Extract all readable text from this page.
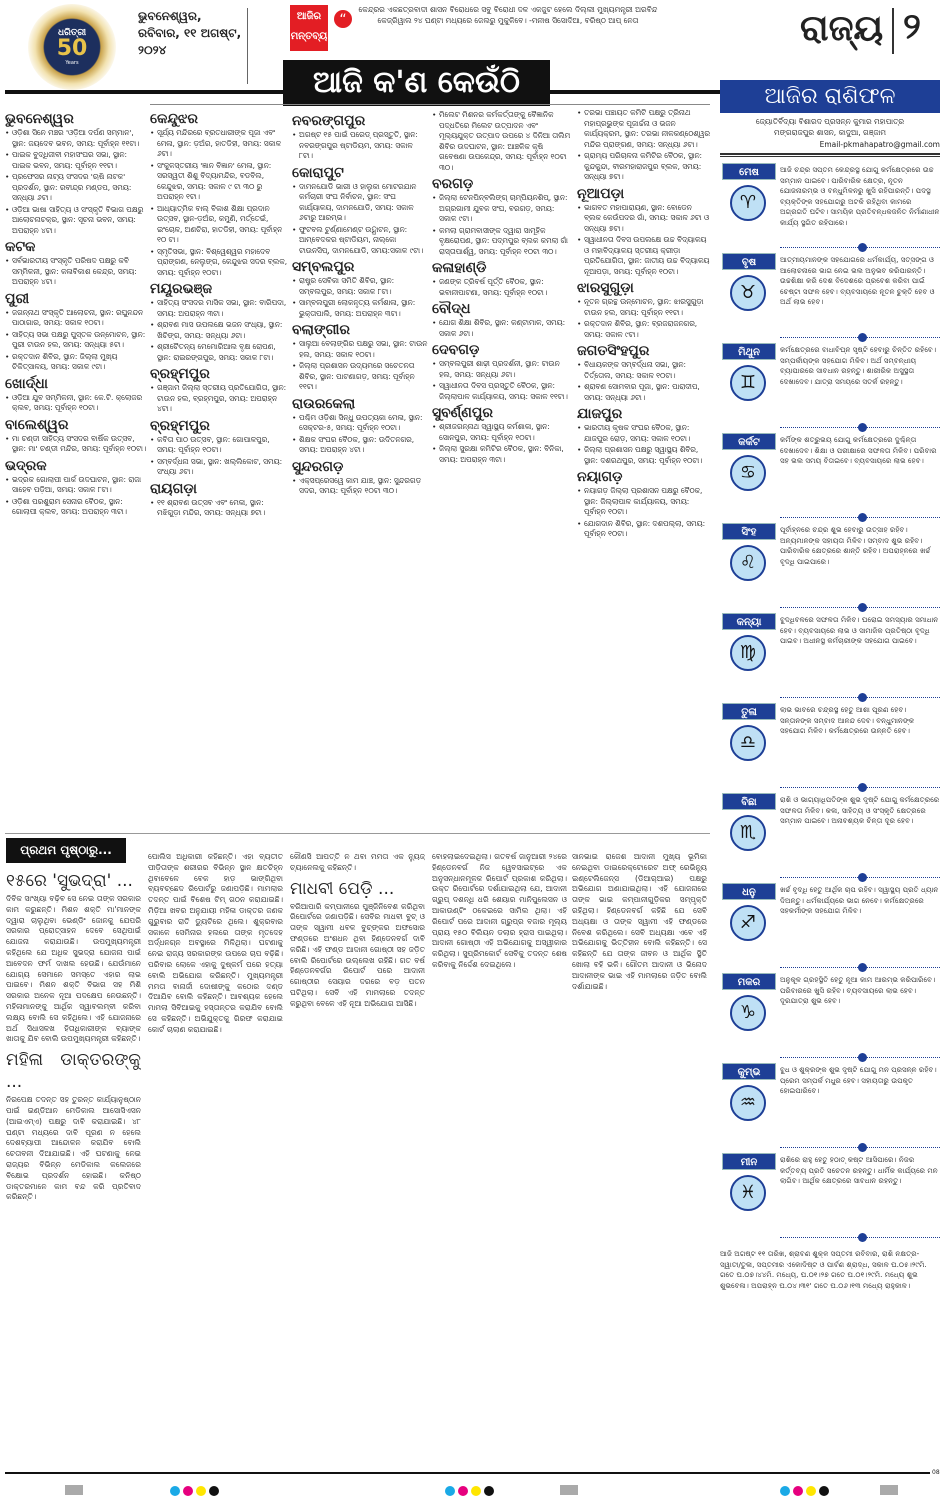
ଧରିତ୍ରୀ
50
Years
ଭୁବନେଶ୍ୱର, ରବିବାର, ୧୧ ଅଗଷ୍ଟ, ୨୦୨୪
ଆଜିର ମନ୍ତବ୍ୟ
“
କେନ୍ଦ୍ରର ଏକଛତ୍ରବାଦୀ ଶାସନ ବିରୋଧରେ ସବୁ ବିରୋଧୀ ଦଳ ଏକଜୁଟ ହେଲେ ଦିଲ୍ଲୀ ମୁଖ୍ୟମନ୍ତ୍ରୀ ଅରବିନ୍ଦ କେଜ୍ରିୱାଲ ୨୪ ଘଣ୍ଟା ମଧ୍ୟରେ ଜେଲରୁ ମୁକୁଳିବେ। -ମନୀଷ ସିସୋଦିଆ, ବରିଷ୍ଠ ଆପ୍ ନେତା	ରାଜ୍ୟ ୨
ଆଜି କ'ଣ କେଉଁଠି
ଭୁବନେଶ୍ୱର
• ଓଡ଼ିଶା ସିନେ ମଞ୍ଚର 'ଓଡ଼ିଆ ଦର୍ପଣ ସମ୍ମାନ', ସ୍ଥାନ: ଜୟଦେବ ଭବନ, ସମୟ: ପୂର୍ବାହ୍ନ ୧୧ଟା।
• ପାଇକ ବୁଦ୍ଧିଜୀବୀ ମହାସଂଘର ସଭା, ସ୍ଥାନ: ପାଇକ ଭବନ, ସମୟ: ପୂର୍ବାହ୍ନ ୧୧ଟା।
• ପ୍ରଫେସର ନାଟ୍ୟ ସଂସଦର 'ଋଷି ନାଟକ' ପ୍ରଦର୍ଶନ, ସ୍ଥାନ: ରବୀନ୍ଦ୍ର ମଣ୍ଡପ, ସମୟ: ସନ୍ଧ୍ୟା ୬ଟା।
• ଓଡ଼ିଆ ଭାଷା ସାହିତ୍ୟ ଓ ସଂସ୍କୃତି ବିଭାଗ ପକ୍ଷରୁ ଆଲୋଚନାଚକ୍ର, ସ୍ଥାନ: ସୂଚନା ଭବନ, ସମୟ: ଅପରାହ୍ନ ୪ଟା।
କଟକ
• ସର୍ବଭାରତୀୟ ସଂସ୍କୃତି ପରିଷଦ ପକ୍ଷରୁ କବି ସମ୍ମିଳନୀ, ସ୍ଥାନ: କଳାବିକାଶ କେନ୍ଦ୍ର, ସମୟ: ଅପରାହ୍ନ ୪ଟା।
ପୁରୀ
• ଜଗନ୍ନାଥ ସଂସ୍କୃତି ଆଲୋଚନା, ସ୍ଥାନ: ରଘୁନନ୍ଦନ ପାଠାଗାର, ସମୟ: ସକାଳ ୧୦ଟା।
• ସାହିତ୍ୟ ସଭା ପକ୍ଷରୁ ପୁସ୍ତକ ଉନ୍ମୋଚନ, ସ୍ଥାନ: ପୁରୀ ଟାଉନ ହଲ, ସମୟ: ସନ୍ଧ୍ୟା ୫ଟା।
• ରକ୍ତଦାନ ଶିବିର, ସ୍ଥାନ: ଜିଲ୍ଲା ମୁଖ୍ୟ ଚିକିତ୍ସାଳୟ, ସମୟ: ସକାଳ ୯ଟା।
ଖୋର୍ଦ୍ଧା
• ଓଡ଼ିଆ ଯୁବ ସମ୍ମିଳନୀ, ସ୍ଥାନ: କେ.ଟି. କ୍ଲୋଜର କ୍ଲବ, ସମୟ: ପୂର୍ବାହ୍ନ ୧୦ଟା।
ବାଲେଶ୍ୱର
• ମା ଚଣ୍ଡୀ ସାହିତ୍ୟ ସଂସଦର ବାର୍ଷିକ ଉତ୍ସବ, ସ୍ଥାନ: ମା' ଚଣ୍ଡୀ ମନ୍ଦିର, ସମୟ: ପୂର୍ବାହ୍ନ ୧୦ଟା।
ଭଦ୍ରକ
• ଭଦ୍ରକ ଗୋଲାପୀ ପାର୍କ ଉଦଘାଟନ, ସ୍ଥାନ: ରାଜା ସାହେବ ପଡ଼ିଆ, ସମୟ: ସକାଳ ୮ଟା।
• ଓଡ଼ିଶା ପରଶୁରାମ ସେନାର ବୈଠକ, ସ୍ଥାନ: ଗୋଲାପୀ କ୍ଲବ, ସମୟ: ଅପରାହ୍ନ ୩ଟା।
କେନ୍ଦୁଝର
• ସୂର୍ଯ୍ୟ ମନ୍ଦିରରେ ବ୍ରତଧାରୀଙ୍କ ପୂଜା ଏବଂ ମେଳା, ସ୍ଥାନ: ଡ଼ଅଁର, ହାତଡିହୀ, ସମୟ: ସକାଳ ୬ଟା।
• ସଂକୁଳସ୍ତରୀୟ 'ଜ୍ଞାନ ବିଜ୍ଞାନ' ମେଳା, ସ୍ଥାନ: ସରସ୍ୱତୀ ଶିଶୁ ବିଦ୍ୟାମନ୍ଦିର, ବଡବିଲ, କେନ୍ଦୁଝର, ସମୟ: ସକାଳ ୯ ଟା ୩୦ ରୁ ଅପରାହ୍ନ ୧ଟା।
• ଆଧ୍ୟାତ୍ମିକ ବାଲ୍ ବିକାଶ ଶିକ୍ଷା ପ୍ରଦାନ ଉତ୍ସବ, ସ୍ଥାନ-ଡ଼ଅଁର, କମୁଣି, ମର୍ତ୍ତେଇଁ, ଇଂଚୋଳ, ଅଣଚିରା, ହାତଡିହୀ, ସମୟ: ପୂର୍ବାହ୍ନ ୧୦ ଟା।
• ସ୍ମୃତିସଭା, ସ୍ଥାନ: ବିଶ୍ୱେଶ୍ୱର ମହାଦେବ ପ୍ରାଙ୍ଗଣ, ନେଲୁଙ୍ଗ, କେନ୍ଦୁଝର ସଦର ବ୍ଲକ, ସମୟ: ପୂର୍ବାହ୍ନ ୧୦ଟା।
ମୟୂରଭଞ୍ଜ
• ସାହିତ୍ୟ ସଂସଦର ମାସିକ ସଭା, ସ୍ଥାନ: ବାରିପଦା, ସମୟ: ଅପରାହ୍ନ ୩ଟା।
• ଶ୍ରାବଣ ମାସ ଉପଲକ୍ଷେ ଭଜନ ସଂଧ୍ୟା, ସ୍ଥାନ: ଖିଚିଙ୍ଗ, ସମୟ: ସନ୍ଧ୍ୟା ୬ଟା।
• ଶ୍ରୀଚୈତନ୍ୟ ମେମୋରିଆଲ ବୃକ୍ଷ ରୋପଣ, ସ୍ଥାନ: ରାଇରଙ୍ଗପୁର, ସମୟ: ସକାଳ ୮ଟା।
ବ୍ରହ୍ମପୁର
• ଗଞ୍ଜାମ ଜିଲ୍ଲା ସ୍ତରୀୟ ପ୍ରତିଯୋଗିତା, ସ୍ଥାନ: ଟାଉନ ହଲ, ବ୍ରହ୍ମପୁର, ସମୟ: ଅପରାହ୍ନ ୪ଟା।
ବ୍ରହ୍ମପୁର
• କବିତା ପାଠ ଉତ୍ସବ, ସ୍ଥାନ: ଗୋପାଳପୁର, ସମୟ: ପୂର୍ବାହ୍ନ ୧୦ଟା।
• ସମ୍ବର୍ଦ୍ଧନା ସଭା, ସ୍ଥାନ: ଖଲ୍ଲିକୋଟ, ସମୟ: ସଂଧ୍ୟା ୬ଟା।
ରାୟଗଡ଼ା
• ୧୧ ଶ୍ରାବଣ ଉତ୍ସବ ଏବଂ ମେଳା, ସ୍ଥାନ: ମଝିଗୁଡ଼ା ମନ୍ଦିର, ସମୟ: ସନ୍ଧ୍ୟା ୭ଟା।
ନବରଙ୍ଗପୁର
• ଅଗଷ୍ଟ ୧୫ ପାଇଁ ପରେଡ୍ ପ୍ରସ୍ତୁତି, ସ୍ଥାନ: ନବରଙ୍ଗପୁର ଷ୍ଟାଡିୟମ, ସମୟ: ସକାଳ ୮ଟା।
କୋରାପୁଟ
• ଦାମନଯୋଡି ଭାରୀ ଓ ହାଲୁକା ମୋଟରଯାନ କର୍ମଚାରୀ ସଂଘ ନିର୍ବାଚନ, ସ୍ଥାନ: ସଂଘ କାର୍ଯ୍ୟାଳୟ, ଦାମନଯୋଡି, ସମୟ: ସକାଳ ୬ଟାରୁ ଆରମ୍ଭ।
• ଫୁଟବଲ ଟୁର୍ଣ୍ଣାମେଣ୍ଟ ଉଦ୍ଘାଟନ, ସ୍ଥାନ: ଆମ୍ବେଦକର ଷ୍ଟାଡିୟମ, ନାଲ୍କୋ ଟାଉନସିପ୍, ଦାମନଯୋଡି, ସମୟ:ସକାଳ ୯ଟା।
ସମ୍ବଲପୁର
• ରାଷ୍ଟ୍ର ସେବିକା ସମିତି ଶିବିର, ସ୍ଥାନ: ସମ୍ବଲପୁର, ସମୟ: ସକାଳ ୮ଟା।
• ସାମ୍ବଲପୁରୀ ଲୋକନୃତ୍ୟ କର୍ମଶାଳା, ସ୍ଥାନ: ଭୁକ୍ତାପାଲି, ସମୟ: ଅପରାହ୍ନ ୩ଟା।
ବଲାଙ୍ଗୀର
• ସାଲୁଆ ବେଲାଙ୍ଗିର ପକ୍ଷରୁ ସଭା, ସ୍ଥାନ: ଟାଉନ ହଲ, ସମୟ: ସକାଳ ୧୦ଟା।
• ଜିଲ୍ଲା ପ୍ରଶାସନ ଉଦ୍ୟମରେ ସଚେତନତା ଶିବିର, ସ୍ଥାନ: ପାଟଣାଗଡ଼, ସମୟ: ପୂର୍ବାହ୍ନ ୧୧ଟା।
ରାଉରକେଲା
• ପଶ୍ଚିମ ଓଡ଼ିଶା ସିନ୍ଧୁ ଉପତ୍ୟକା ମେଳା, ସ୍ଥାନ: ସେକ୍ଟର-୫, ସମୟ: ପୂର୍ବାହ୍ନ ୧୦ଟା।
• ଶିକ୍ଷକ ସଂଘର ବୈଠକ, ସ୍ଥାନ: ଉଦିତନଗର, ସମୟ: ଅପରାହ୍ନ ୪ଟା।
ସୁନ୍ଦରଗଡ଼
• ଏକ୍ସପ୍ରେସୱେ କାମ ଯାଞ୍ଚ, ସ୍ଥାନ: ସୁନ୍ଦରଗଡ଼ ସଦର, ସମୟ: ପୂର୍ବାହ୍ନ ୧୦ଟା ୩୦।
• ମିଲେଟ ମିଶନର କର୍ମକର୍ତ୍ତାଙ୍କୁ ବୈଜ୍ଞାନିକ ପଦ୍ଧତିରେ ମିଲେଟ ଉତ୍ପାଦନ ଏବଂ ମୂଲ୍ୟଯୁକ୍ତ ଉତ୍ପାଦ ଉପରେ ୪ ଦିନିଆ ତାଲିମ ଶିବିର ଉଦଘାଟନ, ସ୍ଥାନ: ଆଞ୍ଚଳିକ କୃଷି ଗବେଷଣା ଉପକେନ୍ଦ୍ର, ସମୟ: ପୂର୍ବାହ୍ନ ୧୦ଟା ୩୦।
ବରଗଡ଼
• ଜିଲ୍ଲା ଟେନପିନ୍‌ବଲିଙ୍ଗ୍ ଚାମ୍ପିୟନଶିପ୍, ସ୍ଥାନ: ଅଗ୍ରଗାମୀ ଯୁବକ ସଂଘ, ବରଗଡ଼, ସମୟ: ସକାଳ ୯ଟା।
• କମଲା ଗ୍ରାମବାସୀଙ୍କ ଦ୍ୱାରା ସାମୂହିକ ବୃକ୍ଷରୋପଣ, ସ୍ଥାନ: ପଦ୍ମପୁର ବ୍ଲକ କମଲା ଗାଁ ରାସ୍ତାପାର୍ଶ୍ୱ, ସମୟ: ପୂର୍ବାହ୍ନ ୧୦ଟା ୩୦।
କଳାହାଣ୍ଡି
• ଜଣଙ୍କ ତ୍ରିବର୍ଷ ପୂର୍ତ୍ତି ବୈଠକ, ସ୍ଥାନ: ଭବାନୀପାଟଣା, ସମୟ: ପୂର୍ବାହ୍ନ ୧୦ଟା।
ବୌଦ୍ଧ
• ଯୋଗ ଶିକ୍ଷା ଶିବିର, ସ୍ଥାନ: କଣ୍ଟାମାଳ, ସମୟ: ସକାଳ ୬ଟା।
ଦେବଗଡ଼
• ସମ୍ବଲପୁରୀ ଶାଢ଼ୀ ପ୍ରଦର୍ଶନୀ, ସ୍ଥାନ: ଟାଉନ ହଲ, ସମୟ: ସନ୍ଧ୍ୟା ୬ଟା।
• ସ୍ୱାଧୀନତା ଦିବସ ପ୍ରସ୍ତୁତି ବୈଠକ, ସ୍ଥାନ: ଜିଲ୍ଲାପାଳ କାର୍ଯ୍ୟାଳୟ, ସମୟ: ସକାଳ ୧୧ଟା।
ସୁବର୍ଣ୍ଣପୁର
• ଶ୍ରୀଜଗନ୍ନାଥ ସ୍ୱାସ୍ଥ୍ୟ କର୍ମଶାଳା, ସ୍ଥାନ: ସୋନପୁର, ସମୟ: ପୂର୍ବାହ୍ନ ୧୦ଟା।
• ଜିଲ୍ଲା ସୁରକ୍ଷା କମିଟିର ବୈଠକ, ସ୍ଥାନ: ବିନିକା, ସମୟ: ଅପରାହ୍ନ ୩ଟା।
• ତରଭା ପଞ୍ଚାୟତ କମିଟି ପକ୍ଷରୁ ତ୍ରିନାଥ ମହାପ୍ରଭୁଙ୍କ ପୂଜାର୍ଚ୍ଚନା ଓ ଭଜନ କାର୍ଯ୍ୟକ୍ରମ, ସ୍ଥାନ: ତରଭା ନୀଳକଣ୍ଠେଶ୍ୱର ମନ୍ଦିର ପ୍ରାଙ୍ଗଣ, ସମୟ: ସନ୍ଧ୍ୟା ୬ଟା।
• ଗ୍ରାମ୍ୟ ପରିଚାଳନା କମିଟିର ବୈଠକ, ସ୍ଥାନ: କୁନ୍ଦକୁନ୍ଦା, ବୀରମହାରାଜପୁର ବ୍ଲକ, ସମୟ: ସନ୍ଧ୍ୟା ୭ଟା।
ନୂଆପଡ଼ା
• ଭାଗବତ ମହାପାରାୟଣ, ସ୍ଥାନ: ବୋଡେନ ବ୍ଲକ କେଉଁପଦର ଗାଁ, ସମୟ: ସକାଳ ୬ଟା ଓ ସନ୍ଧ୍ୟା ୭ଟା।
• ସ୍ୱାଧୀନତା ଦିବସ ଉପଲକ୍ଷେ ଉଚ୍ଚ ବିଦ୍ୟାଳୟ ଓ ମହାବିଦ୍ୟାଳୟ ସ୍ତରୀୟ କ୍ରୀଡ଼ା ପ୍ରତିଯୋଗିତା, ସ୍ଥାନ: ଜାତୀୟ ଉଚ୍ଚ ବିଦ୍ୟାଳୟ ନୂଆପଡ଼ା, ସମୟ: ପୂର୍ବାହ୍ନ ୧୦ଟା।
ଝାରସୁଗୁଡ଼ା
• ନୂତନ ଗ୍ରନ୍ଥ ଉନ୍ମୋଚନ, ସ୍ଥାନ: ଝାରସୁଗୁଡ଼ା ଟାଉନ ହଲ, ସମୟ: ପୂର୍ବାହ୍ନ ୧୧ଟା।
• ରକ୍ତଦାନ ଶିବିର, ସ୍ଥାନ: ବ୍ରଜରାଜନଗର, ସମୟ: ସକାଳ ୯ଟା।
ଜଗତସିଂହପୁର
• ବିଧାୟକଙ୍କ ସମ୍ବର୍ଦ୍ଧନା ସଭା, ସ୍ଥାନ: ତିର୍ତ୍ତୋଲ, ସମୟ: ସକାଳ ୧୦ଟା।
• ଶ୍ରାବଣ ସୋମବାର ପୂଜା, ସ୍ଥାନ: ପାରାଦୀପ, ସମୟ: ସନ୍ଧ୍ୟା ୬ଟା।
ଯାଜପୁର
• ଭାରତୀୟ କୃଷକ ସଂଘର ବୈଠକ, ସ୍ଥାନ: ଯାଜପୁର ରୋଡ଼, ସମୟ: ସକାଳ ୧୦ଟା।
• ଜିଲ୍ଲା ପ୍ରଶାସନ ପକ୍ଷରୁ ସ୍ୱାସ୍ଥ୍ୟ ଶିବିର, ସ୍ଥାନ: ଦଶରଥପୁର, ସମୟ: ପୂର୍ବାହ୍ନ ୧୦ଟା।
ନୟାଗଡ଼
• ନୟାଗଡ଼ ଜିଲ୍ଲା ପ୍ରଶାସନ ପକ୍ଷରୁ ବୈଠକ, ସ୍ଥାନ: ଜିଲ୍ଲାପାଳ କାର୍ଯ୍ୟାଳୟ, ସମୟ: ପୂର୍ବାହ୍ନ ୧୦ଟା।
• ଯୋଗଦାନ ଶିବିର, ସ୍ଥାନ: ଦଶପଲ୍ଲା, ସମୟ: ପୂର୍ବାହ୍ନ ୧୦ଟା।
ଆଜିର ରାଶିଫଳ
ଜ୍ୟୋତିର୍ବିଦ୍ୟା ବିଶାରଦ ପ୍ରସନ୍ନ କୁମାର ମହାପାତ୍ର
ମଙ୍ଗରାଜପୁର ଶାସନ, କାଦୁଆ, ଗଞ୍ଜାମ
Email-pkmahapatro@gmail.com
ମେଷ
♈
ଆଜି ଚନ୍ଦ୍ର ସପ୍ତମ କେନ୍ଦ୍ରସ୍ଥ ଯୋଗୁ କର୍ମକ୍ଷେତ୍ରରେ ଉଚ୍ଚ ସମ୍ମାନ ପାଇବେ। ପାରିବାରିକ କ୍ଷେତ୍ର, ନୂତନ ଯୋଜନାରମ୍ଭ ଓ ବନ୍ଧୁମିଳନରୁ ଖୁସି ରହିପାରନ୍ତି। ପଦସ୍ଥ ବ୍ୟକ୍ତିଙ୍କ ସହଯୋଗରୁ ଅଟକି ରହିଥିବା କାମରେ ଅଗ୍ରଗତି ଘଟିବ। ସାମୟିକ ପ୍ରତିବନ୍ଧକଜନିତ ନିର୍ମାଣାଧୀନ କାର୍ଯ୍ୟ ସ୍ଥଗିତ ରହିପାରେ।
ବୃଷ
♉
ଆତ୍ମୀୟମାନଙ୍କ ସହଯୋଗରେ ଧର୍ମକାର୍ଯ୍ୟ, ସତ୍ସଙ୍ଗ ଓ ଆଲୋଚନାରେ ଭାଗ ନେଇ ଭଲ ଅନୁଭବ କରିପାରନ୍ତି। ଉଚ୍ଚଶିକ୍ଷା କରି ଦେଶ ବିଦେଶରେ ପ୍ରବେଶ କରିବା ପାଇଁ ଚେଷ୍ଟା ସଫଳ ହେବ। ବ୍ୟବସାୟରେ ନୂତନ ଚୁକ୍ତି ହେବ ଓ ଅର୍ଥ ଲାଭ ହେବ।
ମିଥୁନ
♊
କର୍ମକ୍ଷେତ୍ରରେ ବାଧାବିଘ୍ନ ସୃଷ୍ଟି ହେବାରୁ ଚିନ୍ତିତ ରହିବେ। ସମ୍ପର୍କୀୟଙ୍କ ସହଯୋଗ ମିଳିବ। ଅର୍ଥ ସମ୍ବନ୍ଧୀୟ ବ୍ୟାପାରରେ ସାବଧାନ ରହନ୍ତୁ। ଶାରୀରିକ ଅସୁସ୍ଥତା ଦେଖାଦେବ। ଯାତ୍ରା ସମୟରେ ସତର୍କ ରହନ୍ତୁ।
କର୍କଟ
♋
କର୍ମିଙ୍କ ଶତ୍ରୁଭୟ ଯୋଗୁ କର୍ମକ୍ଷେତ୍ରରେ ଦୁଶ୍ଚିନ୍ତା ଦେଖାଦେବ। ଶିକ୍ଷା ଓ ପରୀକ୍ଷାରେ ସଫଳତା ମିଳିବ। ପରିବାର ସହ ଭଲ ସମୟ ବିତାଇବେ। ବ୍ୟବସାୟରେ ଲାଭ ହେବ।
ସିଂହ
♌
ପୂର୍ବାହ୍ନରେ ଚନ୍ଦ୍ର ଶୁଭ ହେବାରୁ ଉତ୍ସାହ ରହିବ। ଅନ୍ୟମାନଙ୍କ ସହାୟତା ମିଳିବ। ସମ୍ବାଦ ଶୁଭ ରହିବ। ପାରିବାରିକ କ୍ଷେତ୍ରରେ ଶାନ୍ତି ରହିବ। ଅପରାହ୍ନରେ ଖର୍ଚ୍ଚ ବୃଦ୍ଧି ପାଇପାରେ।
କନ୍ୟା
♍
ବୁଦ୍ଧିବଳରେ ସଫଳତା ମିଳିବ। ଘରୋଇ ସମସ୍ୟାର ସମାଧାନ ହେବ। ବ୍ୟବସାୟରେ ଲାଭ ଓ ସାମାଜିକ ପ୍ରତିଷ୍ଠା ବୃଦ୍ଧି ପାଇବ। ଅଧୀନସ୍ଥ କର୍ମଚାରୀଙ୍କ ସହଯୋଗ ପାଇବେ।
ତୁଳା
♎
ଲାଭ ଭାବରେ ଚନ୍ଦ୍ରସ୍ଥ ହେତୁ ଆଶା ପୂରଣ ହେବ। ସନ୍ତାନଙ୍କ ସମ୍ବାଦ ଆନନ୍ଦ ଦେବ। ବନ୍ଧୁମାନଙ୍କ ସହଯୋଗ ମିଳିବ। କର୍ମକ୍ଷେତ୍ରରେ ଉନ୍ନତି ହେବ।
ବିଛା
♏
ରାଶି ଓ ଭାଗ୍ୟାଧିପତିଙ୍କ ଶୁଭ ଦୃଷ୍ଟି ଯୋଗୁ କର୍ମକ୍ଷେତ୍ରରେ ସଫଳତା ମିଳିବ। କଳା, ସାହିତ୍ୟ ଓ ସଂସ୍କୃତି କ୍ଷେତ୍ରରେ ସମ୍ମାନ ପାଇବେ। ଅନାବଶ୍ୟକ ଚିନ୍ତା ଦୂର ହେବ।
ଧନୁ
♐
ଖର୍ଚ୍ଚ ବୃଦ୍ଧି ହେତୁ ଆର୍ଥିକ ଚାପ ରହିବ। ସ୍ୱାସ୍ଥ୍ୟ ପ୍ରତି ଧ୍ୟାନ ଦିଅନ୍ତୁ। ଧର୍ମକାର୍ଯ୍ୟରେ ଭାଗ ନେବେ। କର୍ମକ୍ଷେତ୍ରରେ ସହକର୍ମୀଙ୍କ ସହଯୋଗ ମିଳିବ।
ମକର
♑
ଅନୁକୂଳ ଗ୍ରହସ୍ଥିତି ହେତୁ ନୂଆ କାମ ଆରମ୍ଭ କରିପାରିବେ। ପରିବାରରେ ଖୁସି ରହିବ। ବ୍ୟବସାୟରେ ଲାଭ ହେବ। ଦୂରଯାତ୍ରା ଶୁଭ ହେବ।
କୁମ୍ଭ
♒
ବୁଧ ଓ ଶୁକ୍ରଙ୍କ ଶୁଭ ଦୃଷ୍ଟି ଯୋଗୁ ମନ ପ୍ରସନ୍ନ ରହିବ। ପ୍ରେମ ସମ୍ପର୍କ ମଧୁର ହେବ। ସହାୟତାରୁ ଉପକୃତ ହୋଇପାରିବେ।
ମୀନ
♓
ରାଶିରେ ରାହୁ ହେତୁ ହଠାତ୍ କଷ୍ଟ ଆସିପାରେ। ନିଜର କର୍ତ୍ତବ୍ୟ ପ୍ରତି ସଚେତନ ରହନ୍ତୁ। ଧାର୍ମିକ କାର୍ଯ୍ୟରେ ମନ ଲାଗିବ। ଆର୍ଥିକ କ୍ଷେତ୍ରରେ ସାବଧାନ ରହନ୍ତୁ।
ଆଜି ଅଗଷ୍ଟ ୧୧ ତାରିଖ, ଶ୍ରାବଣ ଶୁକ୍ଳ ସପ୍ତମୀ ରବିବାର, ରାଶି ନକ୍ଷତ୍ର-ସ୍ୱାତୀ/ତୁଳା, ସପ୍ତମୀର ଏକୋଦିଷ୍ଟ ଓ ପାର୍ବଣ ଶ୍ରାଦ୍ଧ, ସକାଳ ଘ.୦୫।୨୯ମି. ଗତେ ଘ.୦୭।୪୪ମି. ମଧ୍ୟେ, ଘ.୦୧।୨୭ ଗତେ ଘ.୦୧।୨୯ମି. ମଧ୍ୟେ ଶୁଭ ଶୁଭବେଳା। ଅପରାହ୍ନ ଘ.୦୪।୩୧' ଗତେ ଘ.୦୬।୧୩ ମଧ୍ୟେ ରାହୁକାଳ।
ପ୍ରଥମ ପୃଷ୍ଠାରୁ...
୧୫ରେ 'ସୁଭଦ୍ରା' ...

ଦିବିକ ସାଂଖ୍ୟା ବଢ଼ିବ ସେ ନେଇ ତାଙ୍କ ସରକାର କାମ କରୁଛନ୍ତି। ମିଶନ ଶକ୍ତି ମା'ମାନଙ୍କ ଦ୍ୱାରା ଚାଲୁଥିବା ଭେଣ୍ଡିଂ ଜୋନକୁ ଯେପରି ସରକାର ପ୍ରୋତ୍ସାହନ ଦେବେ ସେଥିପାଇଁ ଯୋଜନା କରାଯାଉଛି। ଉପମୁଖ୍ୟମନ୍ତ୍ରୀ କହିଥିଲେ ଯେ ଅଧିକ ସୁଭଦ୍ରା ଯୋଜନା ପାଇଁ ଆବେଦନ ଫର୍ମ ଦାଖଲ ହେଉଛି। ଯେଉଁମାନେ ଯୋଗ୍ୟ ସେମାନେ ସମସ୍ତେ ଏହାର ଲାଭ ପାଇବେ। ମିଶନ ଶକ୍ତି ବିଭାଗ ସହ ମିଶି ସରକାର ଅନେକ ନୂଆ ପଦକ୍ଷେପ ନେଉଛନ୍ତି। ମହିଳାମାନଙ୍କୁ ଆର୍ଥିକ ସ୍ୱାବଲମ୍ବୀ କରିବା ଲକ୍ଷ୍ୟ ବୋଲି ସେ କହିଥିଲେ। ଏହି ଯୋଜନାରେ ଅର୍ଥ ସିଧାସଳଖ ହିତାଧିକାରୀଙ୍କ ବ୍ୟାଙ୍କ ଖାତାକୁ ଯିବ ବୋଲି ଉପମୁଖ୍ୟମନ୍ତ୍ରୀ କହିଛନ୍ତି।

ମହିଳା ଡାକ୍ତରଙ୍କୁ ...

ନିରପେକ୍ଷ ତଦନ୍ତ ସହ ତୁରନ୍ତ କାର୍ଯ୍ୟାନୁଷ୍ଠାନ ପାଇଁ ଇଣ୍ଡିଆନ ମେଡିକାଲ ଆସୋସିଏସନ (ଆଇଏମ୍ଏ) ପକ୍ଷରୁ ଦାବି କରାଯାଇଛି। ୪୮ ଘଣ୍ଟା ମଧ୍ୟରେ ଦାବି ପୂରଣ ନ ହେଲେ ଦେଶବ୍ୟାପୀ ଆନ୍ଦୋଳନ କରାଯିବ ବୋଲି ଚେତାବନୀ ଦିଆଯାଇଛି। ଏହି ଘଟଣାକୁ ନେଇ ରାଜ୍ୟର ବିଭିନ୍ନ ମେଡିକାଲ କଲେଜରେ ବିକ୍ଷୋଭ ପ୍ରଦର୍ଶନ ହୋଇଛି। କନିଷ୍ଠ ଡାକ୍ତରମାନେ କାମ ବନ୍ଦ କରି ପ୍ରତିବାଦ କରିଛନ୍ତି।

ପୋଲିସ ଅଧିକାରୀ କହିଛନ୍ତି। ଏହା ବ୍ୟତୀତ ପୀଡ଼ିତାଙ୍କ ଶରୀରର ବିଭିନ୍ନ ସ୍ଥାନ କ୍ଷତଚିହ୍ନ ଥିବାବେଳେ ବେକ ହାଡ଼ ଭାଙ୍ଗିଥିବା ବ୍ୟବଚ୍ଛେଦ ରିପୋର୍ଟରୁ ଜଣାପଡ଼ିଛି। ମାମଲାର ତଦନ୍ତ ପାଇଁ ବିଶେଷ ଟିମ୍ ଗଠନ କରାଯାଇଛି। ମିଡ଼ିଆ ଖବର ଅନୁଯାୟୀ ମହିଳା ଡାକ୍ତର ଜଣକ ଗୁରୁବାର ରାତି ଡ୍ୟୁଟିରେ ଥିଲେ। ଶୁକ୍ରବାର ସକାଳେ ସେମିନାର ହଲରେ ତାଙ୍କ ମୃତଦେହ ଅର୍ଦ୍ଧନଗ୍ନ ଅବସ୍ଥାରେ ମିଳିଥିଲା। ଘଟଣାକୁ ନେଇ ରାଜ୍ୟ ସରକାରଙ୍କ ଉପରେ ଚାପ ବଢ଼ିଛି। ପରିବାର ଲୋକେ ଏହାକୁ ଦୁଷ୍କର୍ମ ପରେ ହତ୍ୟା ବୋଲି ଅଭିଯୋଗ କରିଛନ୍ତି। ମୁଖ୍ୟମନ୍ତ୍ରୀ ମମତା ବାନାର୍ଜୀ ଦୋଷୀଙ୍କୁ କଠୋର ଦଣ୍ଡ ଦିଆଯିବ ବୋଲି କହିଛନ୍ତି। ଆବଶ୍ୟକ ହେଲେ ମାମଲା ସିବିଆଇକୁ ହସ୍ତାନ୍ତର କରାଯିବ ବୋଲି ସେ କହିଛନ୍ତି। ଅଭିଯୁକ୍ତକୁ ଗିରଫ କରାଯାଇ କୋର୍ଟ ଚାଲାଣ କରାଯାଇଛି।

କୌଣସି ଆପତ୍ତି ନ ଥବା ମମତା ଏକ ନ୍ୟୁଜ୍ ଚ୍ୟାନେଲକୁ କହିଛନ୍ତି।

ମାଧବୀ ପେଡ଼ି ...

ବରିଆପାରି କମ୍ପାନୀରେ ପୁଞ୍ଜିନିବେଶ କରିଥିବା ରିପୋର୍ଟରେ ଜଣାପଡ଼ିଛି। ସେବିର ମାଧବୀ ବୁଚ୍ ଓ ତାଙ୍କ ସ୍ୱାମୀ ଧବଳ ବୁଚ୍‌ଙ୍କର ଅଫସୋର ଫଣ୍ଡରେ ଅଂଶଧନ ଥିବା ହିଣ୍ଡେନବର୍ଗ ଦାବି କରିଛି। ଏହି ଫଣ୍ଡ ଆଦାନୀ ଗୋଷ୍ଠୀ ସହ ଜଡ଼ିତ ବୋଲି ରିପୋର୍ଟରେ ଉଲ୍ଲେଖ ରହିଛି। ଗତ ବର୍ଷ ହିଣ୍ଡେନବର୍ଗର ରିପୋର୍ଟ ପରେ ଆଦାନୀ ଗୋଷ୍ଠୀର ସେୟାର ଦରରେ ବଡ଼ ପତନ ଘଟିଥିଲା। ସେବି ଏହି ମାମଲାରେ ତଦନ୍ତ କରୁଥିବା ବେଳେ ଏହି ନୂଆ ଅଭିଯୋଗ ଆସିଛି।

ବୋହଲାଇଦେଇଥିଲା। ଗତବର୍ଷ ଜାନୁଆରୀ ୨୪ରେ ହିଣ୍ଡେନବର୍ଗ ନିଜ ୱେବସାଇଟ୍‌ରେ ଏକ ଅନୁସନ୍ଧାନମୂଳକ ରିପୋର୍ଟ ପ୍ରକାଶ କରିଥିଲା। ଉକ୍ତ ରିପୋର୍ଟରେ ଦର୍ଶାଯାଇଥିଲା ଯେ, ଆଦାନୀ ଗ୍ରୁପ୍ ଦଶନ୍ଧି ଧରି ଶେୟାର ମାନିପୁଲେସନ ଓ ଆକାଉଣ୍ଟିଂ ଠକେଇରେ ସାମିଲ ଥିଲା। ଏହି ରିପୋର୍ଟ ପରେ ଆଦାନୀ ଗ୍ରୁପ୍‌ର ବଜାର ମୂଲ୍ୟ ପ୍ରାୟ ୧୫୦ ବିଲିୟନ ଡଲାର ହ୍ରାସ ପାଇଥିଲା। ଆଦାନୀ ଗୋଷ୍ଠୀ ଏହି ଅଭିଯୋଗକୁ ଅସ୍ୱୀକାର କରିଥିଲା। ସୁପ୍ରିମକୋର୍ଟ ସେବିକୁ ତଦନ୍ତ ଶେଷ କରିବାକୁ ନିର୍ଦ୍ଦେଶ ଦେଇଥିଲେ।

ସାନଭାଇ ରାଜେଶ ଆଦାନୀ ମୁଖ୍ୟ ଭୂମିକା ନେଇଥିବା ଡାଇରେକ୍ଟୋରେଟ ଅଫ୍ ରେଭିନ୍ୟୁ ଇଣ୍ଟେଲିଜେନ୍ସ (ଡିଆର୍‌ଆଇ) ପକ୍ଷରୁ ଅଭିଯୋଗ ଅଣାଯାଇଥିଲା। ଏହି ଯୋଜନାରେ ତାଙ୍କ ଭାଇ କମ୍ପାନୀଗୁଡ଼ିକର ସମ୍ପୃକ୍ତି ରହିଥିଲା। ହିଣ୍ଡେନବର୍ଗ କହିଛି ଯେ ସେବି ଅଧ୍ୟକ୍ଷା ଓ ତାଙ୍କ ସ୍ୱାମୀ ଏହି ଫଣ୍ଡରେ ନିବେଶ କରିଥିଲେ। ସେବି ଅଧ୍ୟକ୍ଷା ଏବେ ଏହି ଅଭିଯୋଗକୁ ଭିତ୍ତିହୀନ ବୋଲି କହିଛନ୍ତି। ସେ କହିଛନ୍ତି ଯେ ତାଙ୍କ ଜୀବନ ଓ ଆର୍ଥିକ ସ୍ଥିତି ଖୋଲା ବହି ଭଳି। ଗୌତମ ଆଦାନୀ ଓ ଭିନୋଦ ଆଦାନୀଙ୍କ ଭାଇ ଏହି ମାମଲାରେ ଜଡ଼ିତ ବୋଲି ଦର୍ଶାଯାଇଛି।

08
